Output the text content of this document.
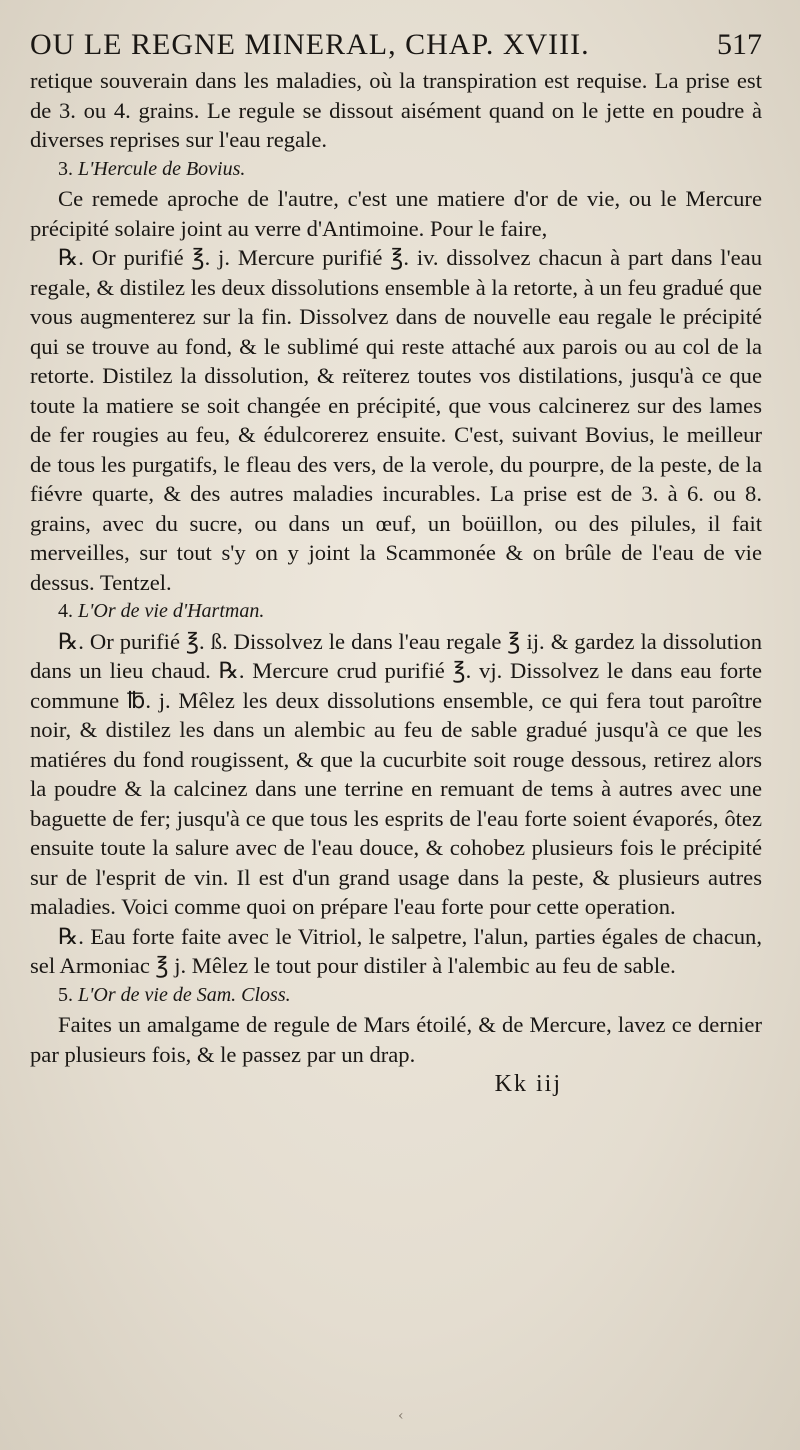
OU LE REGNE MINERAL, CHAP. XVIII.	517

retique souverain dans les maladies, où la transpiration est requise. La prise est de 3. ou 4. grains. Le regule se dissout aisément quand on le jette en poudre à diverses reprises sur l'eau regale.

3. L'Hercule de Bovius.

Ce remede aproche de l'autre, c'est une matiere d'or de vie, ou le Mercure précipité solaire joint au verre d'Antimoine. Pour le faire,

℞. Or purifié ℥. j. Mercure purifié ℥. iv. dissolvez chacun à part dans l'eau regale, & distilez les deux dissolutions ensemble à la retorte, à un feu gradué que vous augmenterez sur la fin. Dissolvez dans de nouvelle eau regale le précipité qui se trouve au fond, & le sublimé qui reste attaché aux parois ou au col de la retorte. Distilez la dissolution, & reïterez toutes vos distilations, jusqu'à ce que toute la matiere se soit changée en précipité, que vous calcinerez sur des lames de fer rougies au feu, & édulcorerez ensuite. C'est, suivant Bovius, le meilleur de tous les purgatifs, le fleau des vers, de la verole, du pourpre, de la peste, de la fiévre quarte, & des autres maladies incurables. La prise est de 3. à 6. ou 8. grains, avec du sucre, ou dans un œuf, un boüillon, ou des pilules, il fait merveilles, sur tout s'y on y joint la Scammonée & on brûle de l'eau de vie dessus. Tentzel.

4. L'Or de vie d'Hartman.

℞. Or purifié ℥. ß. Dissolvez le dans l'eau regale ℥ ij. & gardez la dissolution dans un lieu chaud. ℞. Mercure crud purifié ℥. vj. Dissolvez le dans eau forte commune ℔. j. Mêlez les deux dissolutions ensemble, ce qui fera tout paroître noir, & distilez les dans un alembic au feu de sable gradué jusqu'à ce que les matiéres du fond rougissent, & que la cucurbite soit rouge dessous, retirez alors la poudre & la calcinez dans une terrine en remuant de tems à autres avec une baguette de fer; jusqu'à ce que tous les esprits de l'eau forte soient évaporés, ôtez ensuite toute la salure avec de l'eau douce, & cohobez plusieurs fois le précipité sur de l'esprit de vin. Il est d'un grand usage dans la peste, & plusieurs autres maladies. Voici comme quoi on prépare l'eau forte pour cette operation.

℞. Eau forte faite avec le Vitriol, le salpetre, l'alun, parties égales de chacun, sel Armoniac ℥ j. Mêlez le tout pour distiler à l'alembic au feu de sable.

5. L'Or de vie de Sam. Closs.

Faites un amalgame de regule de Mars étoilé, & de Mercure, lavez ce dernier par plusieurs fois, & le passez par un drap.

Kk iij
‹
